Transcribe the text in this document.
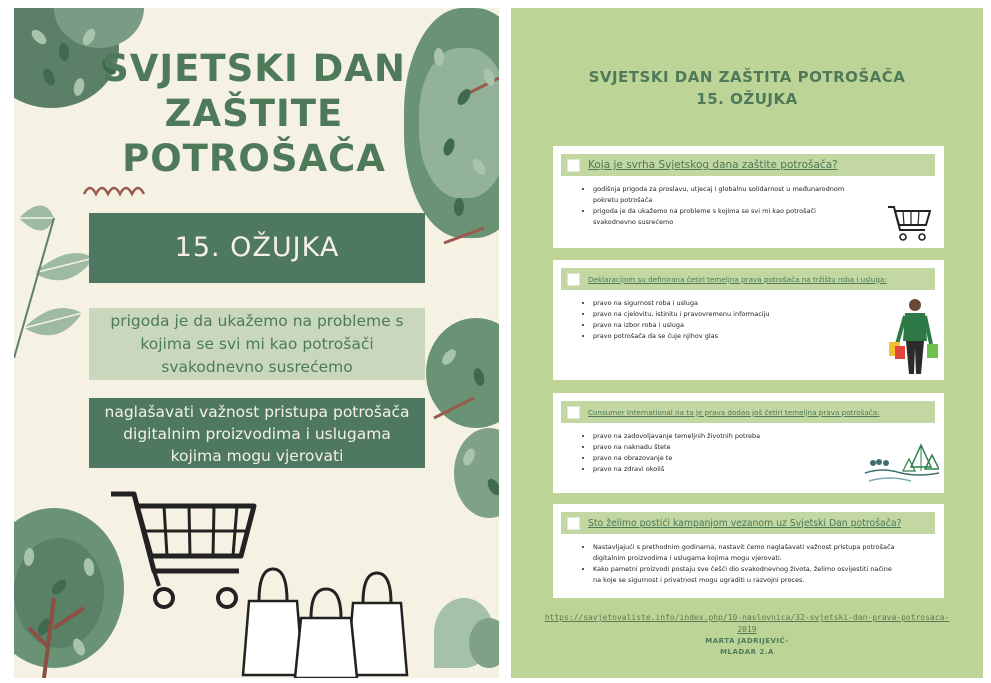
SVJETSKI DAN
ZAŠTITE
POTROŠAČA
15. OŽUJKA
prigoda je da ukažemo na probleme s
kojima se svi mi kao potrošači
svakodnevno susrećemo
naglašavati važnost pristupa potrošača
digitalnim proizvodima i uslugama
kojima mogu vjerovati
SVJETSKI DAN ZAŠTITA POTROŠAČA
15. OŽUJKA
Koja je svrha Svjetskog dana zaštite potrošača?
• godišnja prigoda za proslavu, utjecaj i globalnu solidarnost u međunarodnom
pokretu potrošača
• prigoda je da ukažemo na probleme s kojima se svi mi kao potrošači
svakodnevno susrećemo
Deklaracijom su definirana četiri temeljna prava potrošača na tržištu roba i usluga:
• pravo na sigurnost roba i usluga
• pravo na cjelovitu, istinitu i pravovremenu informaciju
• pravo na izbor roba i usluga
• pravo potrošača da se čuje njihov glas
Consumer International na ta je prava dodao još četiri temeljna prava potrošača:
• pravo na zadovoljavanje temeljnih životnih potreba
• pravo na naknadu štete
• pravo na obrazovanje te
• pravo na zdravi okoliš
Što želimo postići kampanjom vezanom uz Svjetski Dan potrošača?
• Nastavljajući s prethodnim godinama, nastavit ćemo naglašavati važnost pristupa potrošača
digitalnim proizvodima i uslugama kojima mogu vjerovati.
• Kako pametni proizvodi postaju sve češći dio svakodnevnog života, želimo osvijestiti načine
na koje se sigurnost i privatnost mogu ugraditi u razvojni proces.
https://savjetovaliste.info/index.php/10-naslovnica/32-svjetski-dan-prava-potrosaca-
2019
MARTA JADRIJEVIĆ-
MLADAR 2.A
